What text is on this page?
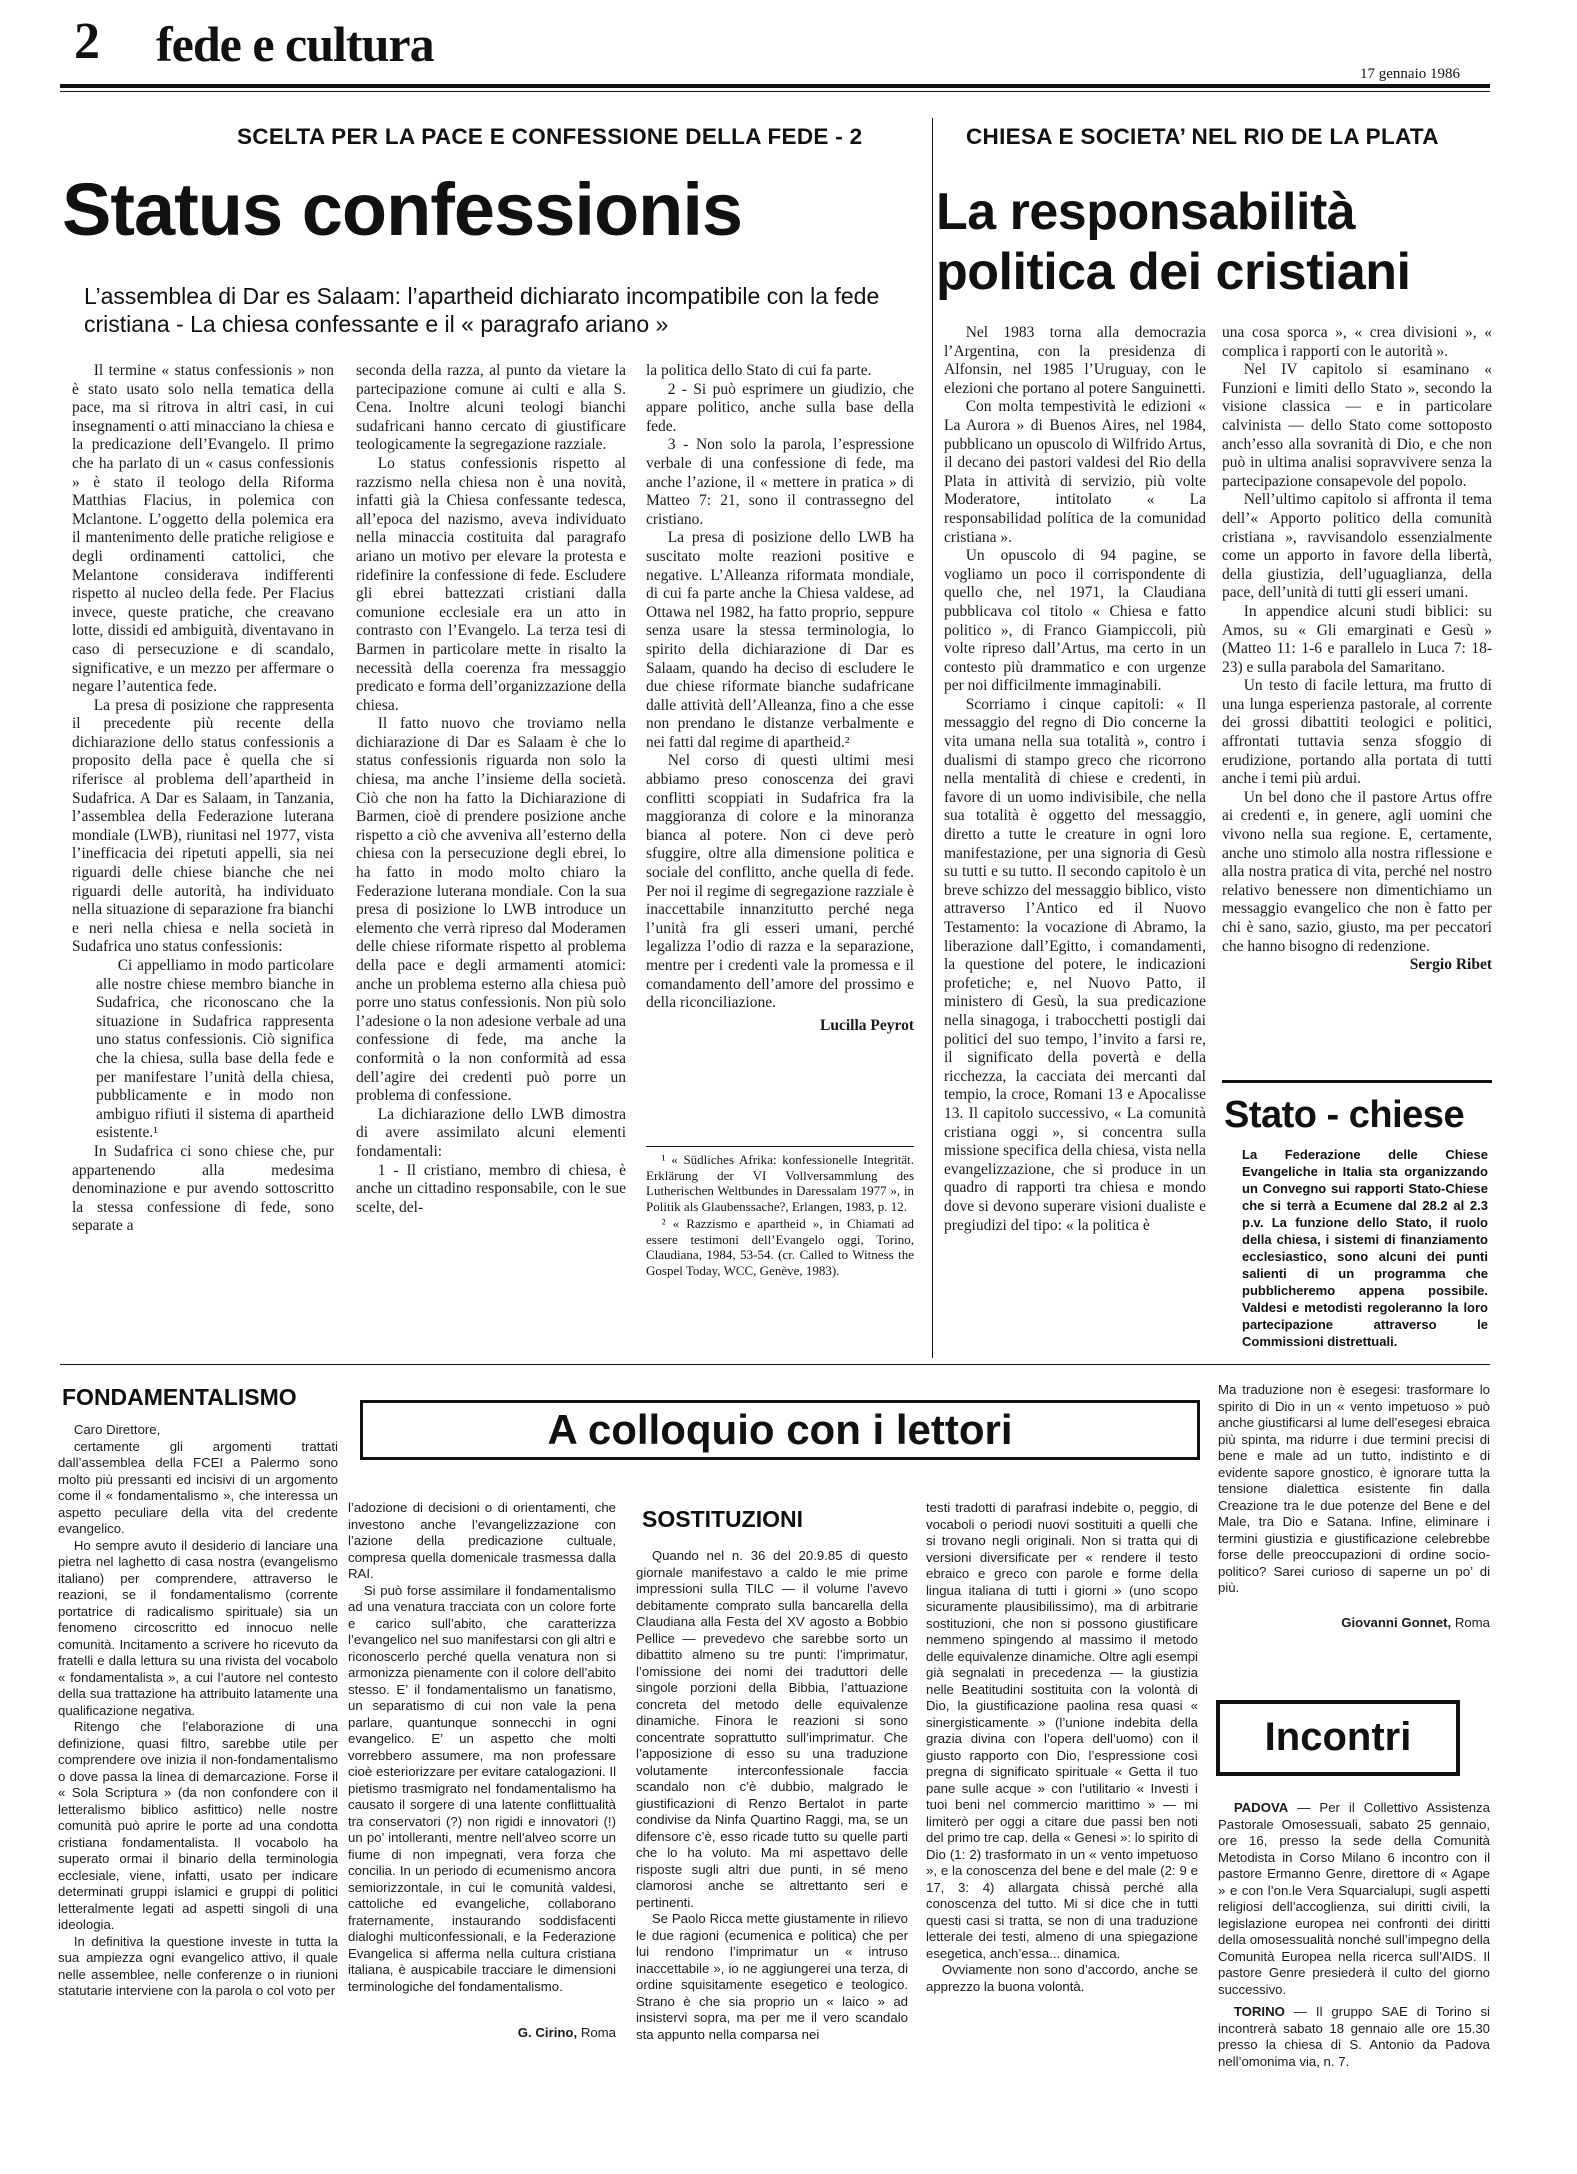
2 fede e cultura
17 gennaio 1986
SCELTA PER LA PACE E CONFESSIONE DELLA FEDE - 2
Status confessionis
L’assemblea di Dar es Salaam: l’apartheid dichiarato incompatibile con la fede cristiana - La chiesa confessante e il « paragrafo ariano »

Il termine « status confessionis » non è stato usato solo nella tematica della pace, ma si ritrova in altri casi, in cui insegnamenti o atti minacciano la chiesa e la predicazione dell’Evangelo. Il primo che ha parlato di un « casus confessionis » è stato il teologo della Riforma Matthias Flacius, in polemica con Mclantone. L’oggetto della polemica era il mantenimento delle pratiche religiose e degli ordinamenti cattolici, che Melantone considerava indifferenti rispetto al nucleo della fede. Per Flacius invece, queste pratiche, che creavano lotte, dissidi ed ambiguità, diventavano in caso di persecuzione e di scandalo, significative, e un mezzo per affermare o negare l’autentica fede.

La presa di posizione che rappresenta il precedente più recente della dichiarazione dello status confessionis a proposito della pace è quella che si riferisce al problema dell’apartheid in Sudafrica. A Dar es Salaam, in Tanzania, l’assemblea della Federazione luterana mondiale (LWB), riunitasi nel 1977, vista l’inefficacia dei ripetuti appelli, sia nei riguardi delle chiese bianche che nei riguardi delle autorità, ha individuato nella situazione di separazione fra bianchi e neri nella chiesa e nella società in Sudafrica uno status confessionis:

Ci appelliamo in modo particolare alle nostre chiese membro bianche in Sudafrica, che riconoscano che la situazione in Sudafrica rappresenta uno status confessionis. Ciò significa che la chiesa, sulla base della fede e per manifestare l’unità della chiesa, pubblicamente e in modo non ambiguo rifiuti il sistema di apartheid esistente.¹

In Sudafrica ci sono chiese che, pur appartenendo alla medesima denominazione e pur avendo sottoscritto la stessa confessione di fede, sono separate a

seconda della razza, al punto da vietare la partecipazione comune ai culti e alla S. Cena. Inoltre alcuni teologi bianchi sudafricani hanno cercato di giustificare teologicamente la segregazione razziale.

Lo status confessionis rispetto al razzismo nella chiesa non è una novità, infatti già la Chiesa confessante tedesca, all’epoca del nazismo, aveva individuato nella minaccia costituita dal paragrafo ariano un motivo per elevare la protesta e ridefinire la confessione di fede. Escludere gli ebrei battezzati cristiani dalla comunione ecclesiale era un atto in contrasto con l’Evangelo. La terza tesi di Barmen in particolare mette in risalto la necessità della coerenza fra messaggio predicato e forma dell’organizzazione della chiesa.

Il fatto nuovo che troviamo nella dichiarazione di Dar es Salaam è che lo status confessionis riguarda non solo la chiesa, ma anche l’insieme della società. Ciò che non ha fatto la Dichiarazione di Barmen, cioè di prendere posizione anche rispetto a ciò che avveniva all’esterno della chiesa con la persecuzione degli ebrei, lo ha fatto in modo molto chiaro la Federazione luterana mondiale. Con la sua presa di posizione lo LWB introduce un elemento che verrà ripreso dal Moderamen delle chiese riformate rispetto al problema della pace e degli armamenti atomici: anche un problema esterno alla chiesa può porre uno status confessionis. Non più solo l’adesione o la non adesione verbale ad una confessione di fede, ma anche la conformità o la non conformità ad essa dell’agire dei credenti può porre un problema di confessione.

La dichiarazione dello LWB dimostra di avere assimilato alcuni elementi fondamentali:

1 - Il cristiano, membro di chiesa, è anche un cittadino responsabile, con le sue scelte, del-

la politica dello Stato di cui fa parte.

2 - Si può esprimere un giudizio, che appare politico, anche sulla base della fede.

3 - Non solo la parola, l’espressione verbale di una confessione di fede, ma anche l’azione, il « mettere in pratica » di Matteo 7: 21, sono il contrassegno del cristiano.

La presa di posizione dello LWB ha suscitato molte reazioni positive e negative. L’Alleanza riformata mondiale, di cui fa parte anche la Chiesa valdese, ad Ottawa nel 1982, ha fatto proprio, seppure senza usare la stessa terminologia, lo spirito della dichiarazione di Dar es Salaam, quando ha deciso di escludere le due chiese riformate bianche sudafricane dalle attività dell’Alleanza, fino a che esse non prendano le distanze verbalmente e nei fatti dal regime di apartheid.²

Nel corso di questi ultimi mesi abbiamo preso conoscenza dei gravi conflitti scoppiati in Sudafrica fra la maggioranza di colore e la minoranza bianca al potere. Non ci deve però sfuggire, oltre alla dimensione politica e sociale del conflitto, anche quella di fede. Per noi il regime di segregazione razziale è inaccettabile innanzitutto perché nega l’unità fra gli esseri umani, perché legalizza l’odio di razza e la separazione, mentre per i credenti vale la promessa e il comandamento dell’amore del prossimo e della riconciliazione.

Lucilla Peyrot

¹ « Südliches Afrika: konfessionelle Integrität. Erklärung der VI Vollversammlung des Lutherischen Weltbundes in Daressalam 1977 », in Politik als Glaubenssache?, Erlangen, 1983, p. 12.

² « Razzismo e apartheid », in Chiamati ad essere testimoni dell’Evangelo oggi, Torino, Claudiana, 1984, 53-54. (cr. Called to Witness the Gospel Today, WCC, Genève, 1983).

CHIESA E SOCIETA’ NEL RIO DE LA PLATA
La responsabilità
politica dei cristiani

Nel 1983 torna alla democrazia l’Argentina, con la presidenza di Alfonsin, nel 1985 l’Uruguay, con le elezioni che portano al potere Sanguinetti.

Con molta tempestività le edizioni « La Aurora » di Buenos Aires, nel 1984, pubblicano un opuscolo di Wilfrido Artus, il decano dei pastori valdesi del Rio della Plata in attività di servizio, più volte Moderatore, intitolato « La responsabilidad política de la comunidad cristiana ».

Un opuscolo di 94 pagine, se vogliamo un poco il corrispondente di quello che, nel 1971, la Claudiana pubblicava col titolo « Chiesa e fatto politico », di Franco Giampiccoli, più volte ripreso dall’Artus, ma certo in un contesto più drammatico e con urgenze per noi difficilmente immaginabili.

Scorriamo i cinque capitoli: « Il messaggio del regno di Dio concerne la vita umana nella sua totalità », contro i dualismi di stampo greco che ricorrono nella mentalità di chiese e credenti, in favore di un uomo indivisibile, che nella sua totalità è oggetto del messaggio, diretto a tutte le creature in ogni loro manifestazione, per una signoria di Gesù su tutti e su tutto. Il secondo capitolo è un breve schizzo del messaggio biblico, visto attraverso l’Antico ed il Nuovo Testamento: la vocazione di Abramo, la liberazione dall’Egitto, i comandamenti, la questione del potere, le indicazioni profetiche; e, nel Nuovo Patto, il ministero di Gesù, la sua predicazione nella sinagoga, i trabocchetti postigli dai politici del suo tempo, l’invito a farsi re, il significato della povertà e della ricchezza, la cacciata dei mercanti dal tempio, la croce, Romani 13 e Apocalisse 13. Il capitolo successivo, « La comunità cristiana oggi », si concentra sulla missione specifica della chiesa, vista nella evangelizzazione, che si produce in un quadro di rapporti tra chiesa e mondo dove si devono superare visioni dualiste e pregiudizi del tipo: « la politica è

una cosa sporca », « crea divisioni », « complica i rapporti con le autorità ».

Nel IV capitolo si esaminano « Funzioni e limiti dello Stato », secondo la visione classica — e in particolare calvinista — dello Stato come sottoposto anch’esso alla sovranità di Dio, e che non può in ultima analisi sopravvivere senza la partecipazione consapevole del popolo.

Nell’ultimo capitolo si affronta il tema dell’« Apporto politico della comunità cristiana », ravvisandolo essenzialmente come un apporto in favore della libertà, della giustizia, dell’uguaglianza, della pace, dell’unità di tutti gli esseri umani.

In appendice alcuni studi biblici: su Amos, su « Gli emarginati e Gesù » (Matteo 11: 1-6 e parallelo in Luca 7: 18-23) e sulla parabola del Samaritano.

Un testo di facile lettura, ma frutto di una lunga esperienza pastorale, al corrente dei grossi dibattiti teologici e politici, affrontati tuttavia senza sfoggio di erudizione, portando alla portata di tutti anche i temi più ardui.

Un bel dono che il pastore Artus offre ai credenti e, in genere, agli uomini che vivono nella sua regione. E, certamente, anche uno stimolo alla nostra riflessione e alla nostra pratica di vita, perché nel nostro relativo benessere non dimentichiamo un messaggio evangelico che non è fatto per chi è sano, sazio, giusto, ma per peccatori che hanno bisogno di redenzione.

Sergio Ribet
Stato - chiese
La Federazione delle Chiese Evangeliche in Italia sta organizzando un Convegno sui rapporti Stato-Chiese che si terrà a Ecumene dal 28.2 al 2.3 p.v. La funzione dello Stato, il ruolo della chiesa, i sistemi di finanziamento ecclesiastico, sono alcuni dei punti salienti di un programma che pubblicheremo appena possibile. Valdesi e metodisti regoleranno la loro partecipazione attraverso le Commissioni distrettuali.
A colloquio con i lettori
FONDAMENTALISMO

Caro Direttore,

certamente gli argomenti trattati dall’assemblea della FCEI a Palermo sono molto più pressanti ed incisivi di un argomento come il « fondamentalismo », che interessa un aspetto peculiare della vita del credente evangelico.

Ho sempre avuto il desiderio di lanciare una pietra nel laghetto di casa nostra (evangelismo italiano) per comprendere, attraverso le reazioni, se il fondamentalismo (corrente portatrice di radicalismo spirituale) sia un fenomeno circoscritto ed innocuo nelle comunità. Incitamento a scrivere ho ricevuto da fratelli e dalla lettura su una rivista del vocabolo « fondamentalista », a cui l’autore nel contesto della sua trattazione ha attribuito latamente una qualificazione negativa.

Ritengo che l’elaborazione di una definizione, quasi filtro, sarebbe utile per comprendere ove inizia il non-fondamentalismo o dove passa la linea di demarcazione. Forse il « Sola Scriptura » (da non confondere con il letteralismo biblico asfittico) nelle nostre comunità può aprire le porte ad una condotta cristiana fondamentalista. Il vocabolo ha superato ormai il binario della terminologia ecclesiale, viene, infatti, usato per indicare determinati gruppi islamici e gruppi di politici letteralmente legati ad aspetti singoli di una ideologia.

In definitiva la questione investe in tutta la sua ampiezza ogni evangelico attivo, il quale nelle assemblee, nelle conferenze o in riunioni statutarie interviene con la parola o col voto per

l’adozione di decisioni o di orientamenti, che investono anche l’evangelizzazione con l’azione della predicazione cultuale, compresa quella domenicale trasmessa dalla RAI.

Si può forse assimilare il fondamentalismo ad una venatura tracciata con un colore forte e carico sull’abito, che caratterizza l’evangelico nel suo manifestarsi con gli altri e riconoscerlo perché quella venatura non si armonizza pienamente con il colore dell’abito stesso. E’ il fondamentalismo un fanatismo, un separatismo di cui non vale la pena parlare, quantunque sonnecchi in ogni evangelico. E’ un aspetto che molti vorrebbero assumere, ma non professare cioè esteriorizzare per evitare catalogazioni. Il pietismo trasmigrato nel fondamentalismo ha causato il sorgere di una latente conflittualità tra conservatori (?) non rigidi e innovatori (!) un po’ intolleranti, mentre nell’alveo scorre un fiume di non impegnati, vera forza che concilia. In un periodo di ecumenismo ancora semiorizzontale, in cui le comunità valdesi, cattoliche ed evangeliche, collaborano fraternamente, instaurando soddisfacenti dialoghi multiconfessionali, e la Federazione Evangelica si afferma nella cultura cristiana italiana, è auspicabile tracciare le dimensioni terminologiche del fondamentalismo.

G. Cirino, Roma
SOSTITUZIONI

Quando nel n. 36 del 20.9.85 di questo giornale manifestavo a caldo le mie prime impressioni sulla TILC — il volume l’avevo debitamente comprato sulla bancarella della Claudiana alla Festa del XV agosto a Bobbio Pellice — prevedevo che sarebbe sorto un dibattito almeno su tre punti: l’imprimatur, l’omissione dei nomi dei traduttori delle singole porzioni della Bibbia, l’attuazione concreta del metodo delle equivalenze dinamiche. Finora le reazioni si sono concentrate soprattutto sull’imprimatur. Che l’apposizione di esso su una traduzione volutamente interconfessionale faccia scandalo non c’è dubbio, malgrado le giustificazioni di Renzo Bertalot in parte condivise da Ninfa Quartino Raggi, ma, se un difensore c’è, esso ricade tutto su quelle parti che lo ha voluto. Ma mi aspettavo delle risposte sugli altri due punti, in sé meno clamorosi anche se altrettanto seri e pertinenti.

Se Paolo Ricca mette giustamente in rilievo le due ragioni (ecumenica e politica) che per lui rendono l’imprimatur un « intruso inaccettabile », io ne aggiungerei una terza, di ordine squisitamente esegetico e teologico. Strano è che sia proprio un « laico » ad insistervi sopra, ma per me il vero scandalo sta appunto nella comparsa nei

testi tradotti di parafrasi indebite o, peggio, di vocaboli o periodi nuovi sostituiti a quelli che si trovano negli originali. Non si tratta qui di versioni diversificate per « rendere il testo ebraico e greco con parole e forme della lingua italiana di tutti i giorni » (uno scopo sicuramente plausibilissimo), ma di arbitrarie sostituzioni, che non si possono giustificare nemmeno spingendo al massimo il metodo delle equivalenze dinamiche. Oltre agli esempi già segnalati in precedenza — la giustizia nelle Beatitudini sostituita con la volontà di Dio, la giustificazione paolina resa quasi « sinergisticamente » (l’unione indebita della grazia divina con l’opera dell’uomo) con il giusto rapporto con Dio, l’espressione così pregna di significato spirituale « Getta il tuo pane sulle acque » con l’utilitario « Investi i tuoi beni nel commercio marittimo » — mi limiterò per oggi a citare due passi ben noti del primo tre cap. della « Genesi »: lo spirito di Dio (1: 2) trasformato in un « vento impetuoso », e la conoscenza del bene e del male (2: 9 e 17, 3: 4) allargata chissà perché alla conoscenza del tutto. Mi si dice che in tutti questi casi si tratta, se non di una traduzione letterale dei testi, almeno di una spiegazione esegetica, anch’essa... dinamica.

Ovviamente non sono d’accordo, anche se apprezzo la buona volontà.

Ma traduzione non è esegesi: trasformare lo spirito di Dio in un « vento impetuoso » può anche giustificarsi al lume dell’esegesi ebraica più spinta, ma ridurre i due termini precisi di bene e male ad un tutto, indistinto e di evidente sapore gnostico, è ignorare tutta la tensione dialettica esistente fin dalla Creazione tra le due potenze del Bene e del Male, tra Dio e Satana. Infine, eliminare i termini giustizia e giustificazione celebrebbe forse delle preoccupazioni di ordine socio-politico? Sarei curioso di saperne un po’ di più.

Giovanni Gonnet, Roma
Incontri

PADOVA — Per il Collettivo Assistenza Pastorale Omosessuali, sabato 25 gennaio, ore 16, presso la sede della Comunità Metodista in Corso Milano 6 incontro con il pastore Ermanno Genre, direttore di « Agape » e con l’on.le Vera Squarcialupi, sugli aspetti religiosi dell’accoglienza, sui diritti civili, la legislazione europea nei confronti dei diritti della omosessualità nonché sull’impegno della Comunità Europea nella ricerca sull’AIDS. Il pastore Genre presiederà il culto del giorno successivo.

TORINO — Il gruppo SAE di Torino si incontrerà sabato 18 gennaio alle ore 15.30 presso la chiesa di S. Antonio da Padova nell’omonima via, n. 7.
